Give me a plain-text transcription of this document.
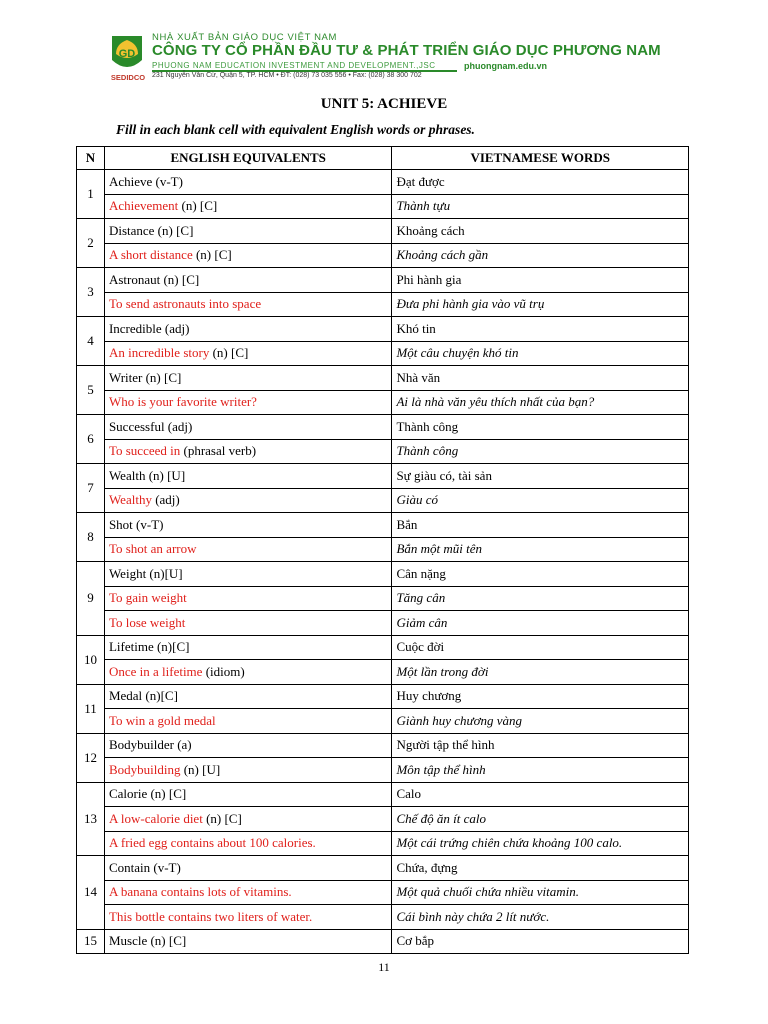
GD
NHÀ XUẤT BẢN GIÁO DỤC VIỆT NAM
CÔNG TY CỔ PHẦN ĐẦU TƯ & PHÁT TRIỂN GIÁO DỤC PHƯƠNG NAM
PHUONG NAM EDUCATION INVESTMENT AND DEVELOPMENT.,JSC	phuongnam.edu.vn
231 Nguyễn Văn Cừ, Quận 5, TP. HCM • ĐT: (028) 73 035 556 • Fax: (028) 38 300 702
SEDIDCO
UNIT 5: ACHIEVE
Fill in each blank cell with equivalent English words or phrases.
N	ENGLISH EQUIVALENTS	VIETNAMESE WORDS
1	Achieve (v-T)	Đạt được
	Achievement (n) [C]	Thành tựu
2	Distance (n) [C]	Khoảng cách
	A short distance (n) [C]	Khoảng cách gần
3	Astronaut (n) [C]	Phi hành gia
	To send astronauts into space	Đưa phi hành gia vào vũ trụ
4	Incredible (adj)	Khó tin
	An incredible story (n) [C]	Một câu chuyện khó tin
5	Writer (n) [C]	Nhà văn
	Who is your favorite writer?	Ai là nhà văn yêu thích nhất của bạn?
6	Successful (adj)	Thành công
	To succeed in (phrasal verb)	Thành công
7	Wealth (n) [U]	Sự giàu có, tài sản
	Wealthy (adj)	Giàu có
8	Shot (v-T)	Bắn
	To shot an arrow	Bắn một mũi tên
9	Weight (n)[U]	Cân nặng
	To gain weight	Tăng cân
	To lose weight	Giảm cân
10	Lifetime (n)[C]	Cuộc đời
	Once in a lifetime (idiom)	Một lần trong đời
11	Medal (n)[C]	Huy chương
	To win a gold medal	Giành huy chương vàng
12	Bodybuilder (a)	Người tập thể hình
	Bodybuilding (n) [U]	Môn tập thể hình
13	Calorie (n) [C]	Calo
	A low-calorie diet (n) [C]	Chế độ ăn ít calo
	A fried egg contains about 100 calories.	Một cái trứng chiên chứa khoảng 100 calo.
14	Contain (v-T)	Chứa, đựng
	A banana contains lots of vitamins.	Một quả chuối chứa nhiều vitamin.
	This bottle contains two liters of water.	Cái bình này chứa 2 lít nước.
15	Muscle (n) [C]	Cơ bắp
11
